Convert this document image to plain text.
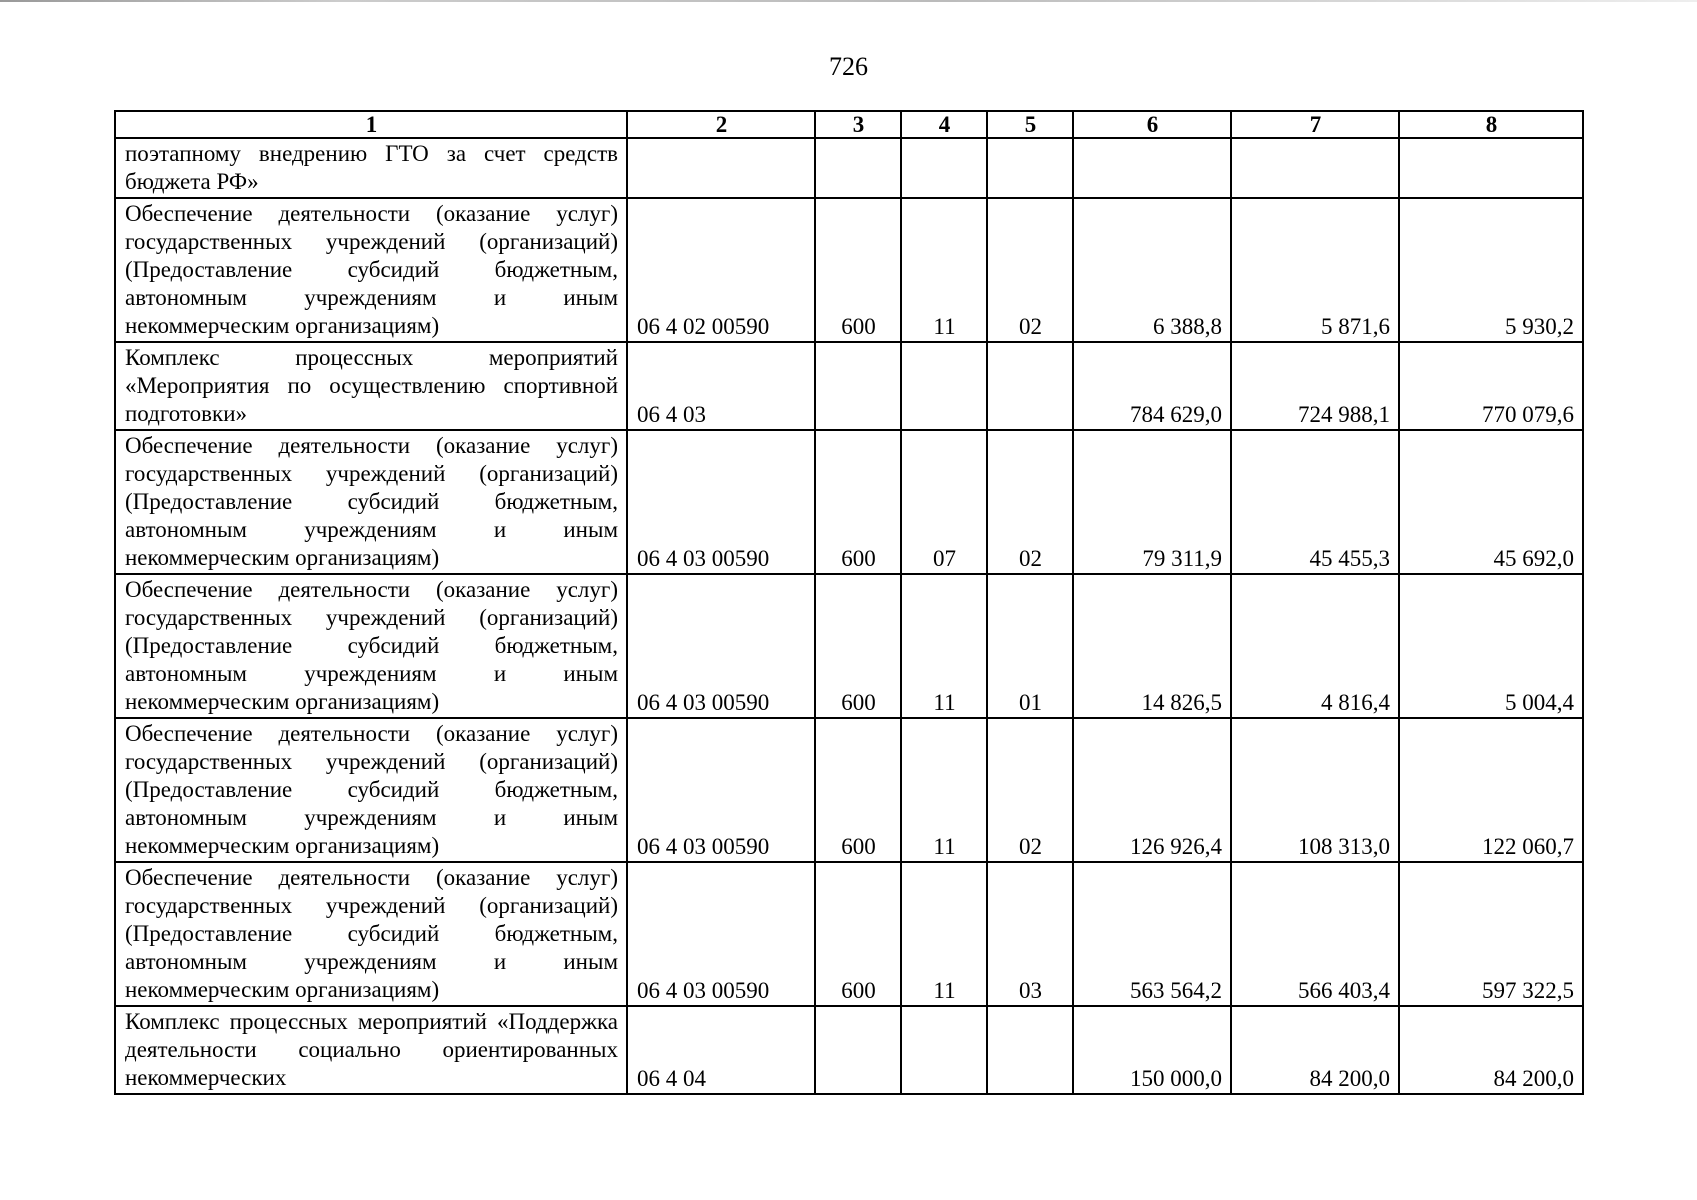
726
1	2	3	4	5	6	7	8
поэтапному внедрению ГТО за счет средств бюджета РФ»							
Обеспечение деятельности (оказание услуг) государственных учреждений (организаций) (Предоставление субсидий бюджетным, автономным учреждениям и иным некоммерческим организациям)	06 4 02 00590	600	11	02	6 388,8	5 871,6	5 930,2
Комплекс процессных мероприятий «Мероприятия по осуществлению спортивной подготовки»	06 4 03				784 629,0	724 988,1	770 079,6
Обеспечение деятельности (оказание услуг) государственных учреждений (организаций) (Предоставление субсидий бюджетным, автономным учреждениям и иным некоммерческим организациям)	06 4 03 00590	600	07	02	79 311,9	45 455,3	45 692,0
Обеспечение деятельности (оказание услуг) государственных учреждений (организаций) (Предоставление субсидий бюджетным, автономным учреждениям и иным некоммерческим организациям)	06 4 03 00590	600	11	01	14 826,5	4 816,4	5 004,4
Обеспечение деятельности (оказание услуг) государственных учреждений (организаций) (Предоставление субсидий бюджетным, автономным учреждениям и иным некоммерческим организациям)	06 4 03 00590	600	11	02	126 926,4	108 313,0	122 060,7
Обеспечение деятельности (оказание услуг) государственных учреждений (организаций) (Предоставление субсидий бюджетным, автономным учреждениям и иным некоммерческим организациям)	06 4 03 00590	600	11	03	563 564,2	566 403,4	597 322,5
Комплекс процессных мероприятий «Поддержка деятельности социально ориентированных некоммерческих	06 4 04				150 000,0	84 200,0	84 200,0
